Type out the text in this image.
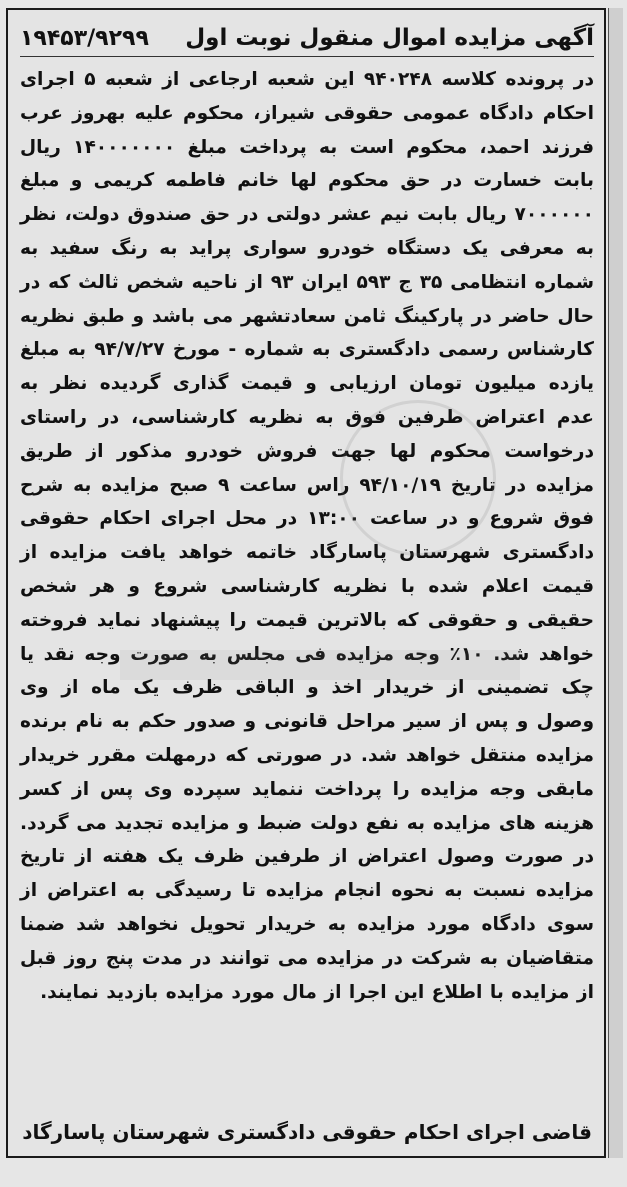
آگهی مزایده اموال منقول نوبت اول
۱۹۴۵۳/۹۲۹۹

در پرونده کلاسه ۹۴۰۲۴۸ این شعبه ارجاعی از شعبه ۵ اجرای احکام دادگاه عمومی حقوقی شیراز، محکوم علیه بهروز عرب فرزند احمد، محکوم است به پرداخت مبلغ ۱۴۰۰۰۰۰۰۰ ریال بابت خسارت در حق محکوم لها خانم فاطمه کریمی و مبلغ ۷۰۰۰۰۰۰ ریال بابت نیم عشر دولتی در حق صندوق دولت، نظر به معرفی یک دستگاه خودرو سواری پراید به رنگ سفید به شماره انتظامی ۳۵ ج ۵۹۳ ایران ۹۳ از ناحیه شخص ثالث که در حال حاضر در پارکینگ ثامن سعادتشهر می باشد و طبق نظریه کارشناس رسمی دادگستری به شماره - مورخ ۹۴/۷/۲۷ به مبلغ یازده میلیون تومان ارزیابی و قیمت گذاری گردیده نظر به عدم اعتراض طرفین فوق به نظریه کارشناسی، در راستای درخواست محکوم لها جهت فروش خودرو مذکور از طریق مزایده در تاریخ ۹۴/۱۰/۱۹ راس ساعت ۹ صبح مزایده به شرح فوق شروع و در ساعت ۱۳:۰۰ در محل اجرای احکام حقوقی دادگستری شهرستان پاسارگاد خاتمه خواهد یافت مزایده از قیمت اعلام شده با نظریه کارشناسی شروع و هر شخص حقیقی و حقوقی که بالاترین قیمت را پیشنهاد نماید فروخته خواهد شد. ۱۰٪ وجه مزایده فی مجلس به صورت وجه نقد یا چک تضمینی از خریدار اخذ و الباقی ظرف یک ماه از وی وصول و پس از سیر مراحل قانونی و صدور حکم به نام برنده مزایده منتقل خواهد شد. در صورتی که درمهلت مقرر خریدار مابقی وجه مزایده را پرداخت ننماید سپرده وی پس از کسر هزینه های مزایده به نفع دولت ضبط و مزایده تجدید می گردد. در صورت وصول اعتراض از طرفین ظرف یک هفته از تاریخ مزایده نسبت به نحوه انجام مزایده تا رسیدگی به اعتراض از سوی دادگاه مورد مزایده به خریدار تحویل نخواهد شد ضمنا متقاضیان به شرکت در مزایده می توانند در مدت پنج روز قبل از مزایده با اطلاع این اجرا از مال مورد مزایده بازدید نمایند.

قاضی اجرای احکام حقوقی دادگستری شهرستان پاسارگاد
